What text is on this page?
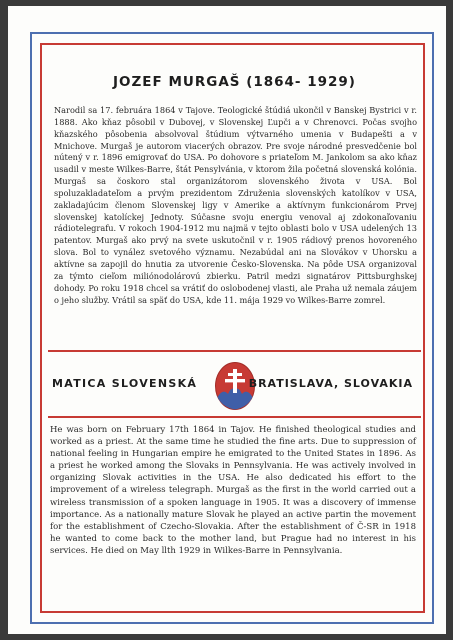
JOZEF MURGAŠ (1864- 1929)

Narodil sa 17. februára 1864 v Tajove. Teologické štúdiá ukončil v Banskej Bystrici v r. 1888. Ako kňaz pôsobil v Dubovej, v Slovenskej Ľupči a v Chrenovci. Počas svojho kňazského pôsobenia absolvoval štúdium výtvarného umenia v Budapešti a v Mnichove. Murgaš je autorom viacerých obrazov. Pre svoje národné presvedčenie bol nútený v r. 1896 emigrovať do USA. Po dohovore s priateľom M. Jankolom sa ako kňaz usadil v meste Wilkes-Barre, štát Pensylvánia, v ktorom žila početná slovenská kolónia. Murgaš sa čoskoro stal organizátorom slovenského života v USA. Bol spoluzakladateľom a prvým prezidentom Združenia slovenských katolíkov v USA, zakladajúcim členom Slovenskej ligy v Amerike a aktívnym funkcionárom Prvej slovenskej katolíckej Jednoty. Súčasne svoju energiu venoval aj zdokonaľovaniu rádiotelegrafu. V rokoch 1904-1912 mu najmä v tejto oblasti bolo v USA udelených 13 patentov. Murgaš ako prvý na svete uskutočnil v r. 1905 rádiový prenos hovoreného slova. Bol to vynález svetového významu. Nezabúdal ani na Slovákov v Uhorsku a aktívne sa zapojil do hnutia za utvorenie Česko-Slovenska. Na pôde USA organizoval za týmto cieľom miliónodolárovú zbierku. Patril medzi signatárov Pittsburghskej dohody. Po roku 1918 chcel sa vrátiť do oslobodenej vlasti, ale Praha už nemala záujem o jeho služby. Vrátil sa späť do USA, kde 11. mája 1929 vo Wilkes-Barre zomrel.

MATICA SLOVENSKÁ	BRATISLAVA, SLOVAKIA

He was born on February 17th 1864 in Tajov. He finished theological studies and worked as a priest. At the same time he studied the fine arts. Due to suppression of national feeling in Hungarian empire he emigrated to the United States in 1896. As a priest he worked among the Slovaks in Pennsylvania. He was actively involved in organizing Slovak activities in the USA. He also dedicated his effort to the improvement of a wireless telegraph. Murgaš as the first in the world carried out a wireless transmission of a spoken language in 1905. It was a discovery of immense importance. As a nationally mature Slovak he played an active partin the movement for the establishment of Czecho-Slovakia. After the establishment of Č-SR in 1918 he wanted to come back to the mother land, but Prague had no interest in his services. He died on May llth 1929 in Wilkes-Barre in Pennsylvania.
